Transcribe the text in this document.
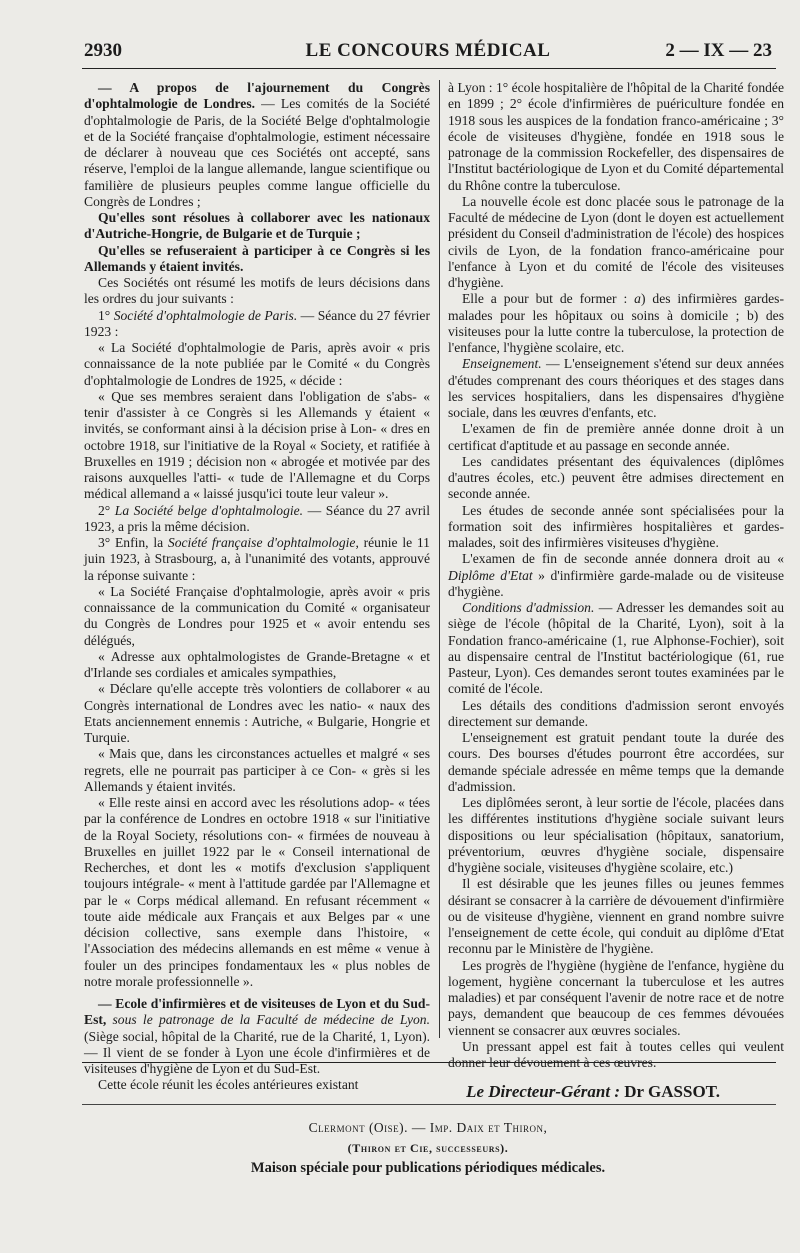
2930	LE CONCOURS MÉDICAL	2 — IX — 23

— A propos de l'ajournement du Congrès d'ophtalmologie de Londres. — Les comités de la Société d'ophtalmologie de Paris, de la Société Belge d'ophtalmologie et de la Société française d'ophtalmologie, estiment nécessaire de déclarer à nouveau que ces Sociétés ont accepté, sans réserve, l'emploi de la langue allemande, langue scientifique ou familière de plusieurs peuples comme langue officielle du Congrès de Londres ;

Qu'elles sont résolues à collaborer avec les nationaux d'Autriche-Hongrie, de Bulgarie et de Turquie ;

Qu'elles se refuseraient à participer à ce Congrès si les Allemands y étaient invités.

Ces Sociétés ont résumé les motifs de leurs décisions dans les ordres du jour suivants :

1° Société d'ophtalmologie de Paris. — Séance du 27 février 1923 :

« La Société d'ophtalmologie de Paris, après avoir « pris connaissance de la note publiée par le Comité « du Congrès d'ophtalmologie de Londres de 1925, « décide :

« Que ses membres seraient dans l'obligation de s'abs- « tenir d'assister à ce Congrès si les Allemands y étaient « invités, se conformant ainsi à la décision prise à Lon- « dres en octobre 1918, sur l'initiative de la Royal « Society, et ratifiée à Bruxelles en 1919 ; décision non « abrogée et motivée par des raisons auxquelles l'atti- « tude de l'Allemagne et du Corps médical allemand a « laissé jusqu'ici toute leur valeur ».

2° La Société belge d'ophtalmologie. — Séance du 27 avril 1923, a pris la même décision.

3° Enfin, la Société française d'ophtalmologie, réunie le 11 juin 1923, à Strasbourg, a, à l'unanimité des votants, approuvé la réponse suivante :

« La Société Française d'ophtalmologie, après avoir « pris connaissance de la communication du Comité « organisateur du Congrès de Londres pour 1925 et « avoir entendu ses délégués,

« Adresse aux ophtalmologistes de Grande-Bretagne « et d'Irlande ses cordiales et amicales sympathies,

« Déclare qu'elle accepte très volontiers de collaborer « au Congrès international de Londres avec les natio- « naux des Etats anciennement ennemis : Autriche, « Bulgarie, Hongrie et Turquie.

« Mais que, dans les circonstances actuelles et malgré « ses regrets, elle ne pourrait pas participer à ce Con- « grès si les Allemands y étaient invités.

« Elle reste ainsi en accord avec les résolutions adop- « tées par la conférence de Londres en octobre 1918 « sur l'initiative de la Royal Society, résolutions con- « firmées de nouveau à Bruxelles en juillet 1922 par le « Conseil international de Recherches, et dont les « motifs d'exclusion s'appliquent toujours intégrale- « ment à l'attitude gardée par l'Allemagne et par le « Corps médical allemand. En refusant récemment « toute aide médicale aux Français et aux Belges par « une décision collective, sans exemple dans l'histoire, « l'Association des médecins allemands en est même « venue à fouler un des principes fondamentaux les « plus nobles de notre morale professionnelle ».

— Ecole d'infirmières et de visiteuses de Lyon et du Sud-Est, sous le patronage de la Faculté de médecine de Lyon. (Siège social, hôpital de la Charité, rue de la Charité, 1, Lyon). — Il vient de se fonder à Lyon une école d'infirmières et de visiteuses d'hygiène de Lyon et du Sud-Est.

Cette école réunit les écoles antérieures existant

à Lyon : 1° école hospitalière de l'hôpital de la Charité fondée en 1899 ; 2° école d'infirmières de puériculture fondée en 1918 sous les auspices de la fondation franco-américaine ; 3° école de visiteuses d'hygiène, fondée en 1918 sous le patronage de la commission Rockefeller, des dispensaires de l'Institut bactériologique de Lyon et du Comité départemental du Rhône contre la tuberculose.

La nouvelle école est donc placée sous le patronage de la Faculté de médecine de Lyon (dont le doyen est actuellement président du Conseil d'administration de l'école) des hospices civils de Lyon, de la fondation franco-américaine pour l'enfance à Lyon et du comité de l'école des visiteuses d'hygiène.

Elle a pour but de former : a) des infirmières gardes-malades pour les hôpitaux ou soins à domicile ; b) des visiteuses pour la lutte contre la tuberculose, la protection de l'enfance, l'hygiène scolaire, etc.

Enseignement. — L'enseignement s'étend sur deux années d'études comprenant des cours théoriques et des stages dans les services hospitaliers, dans les dispensaires d'hygiène sociale, dans les œuvres d'enfants, etc.

L'examen de fin de première année donne droit à un certificat d'aptitude et au passage en seconde année.

Les candidates présentant des équivalences (diplômes d'autres écoles, etc.) peuvent être admises directement en seconde année.

Les études de seconde année sont spécialisées pour la formation soit des infirmières hospitalières et gardes-malades, soit des infirmières visiteuses d'hygiène.

L'examen de fin de seconde année donnera droit au « Diplôme d'Etat » d'infirmière garde-malade ou de visiteuse d'hygiène.

Conditions d'admission. — Adresser les demandes soit au siège de l'école (hôpital de la Charité, Lyon), soit à la Fondation franco-américaine (1, rue Alphonse-Fochier), soit au dispensaire central de l'Institut bactériologique (61, rue Pasteur, Lyon). Ces demandes seront toutes examinées par le comité de l'école.

Les détails des conditions d'admission seront envoyés directement sur demande.

L'enseignement est gratuit pendant toute la durée des cours. Des bourses d'études pourront être accordées, sur demande spéciale adressée en même temps que la demande d'admission.

Les diplômées seront, à leur sortie de l'école, placées dans les différentes institutions d'hygiène sociale suivant leurs dispositions ou leur spécialisation (hôpitaux, sanatorium, préventorium, œuvres d'hygiène sociale, dispensaire d'hygiène sociale, visiteuses d'hygiène scolaire, etc.)

Il est désirable que les jeunes filles ou jeunes femmes désirant se consacrer à la carrière de dévouement d'infirmière ou de visiteuse d'hygiène, viennent en grand nombre suivre l'enseignement de cette école, qui conduit au diplôme d'Etat reconnu par le Ministère de l'hygiène.

Les progrès de l'hygiène (hygiène de l'enfance, hygiène du logement, hygiène concernant la tuberculose et les autres maladies) et par conséquent l'avenir de notre race et de notre pays, demandent que beaucoup de ces femmes dévouées viennent se consacrer aux œuvres sociales.

Un pressant appel est fait à toutes celles qui veulent donner leur dévouement à ces œuvres.

Le Directeur-Gérant : Dr GASSOT.
Clermont (Oise). — Imp. Daix et Thiron,
(Thiron et Cie, successeurs).
Maison spéciale pour publications périodiques médicales.
